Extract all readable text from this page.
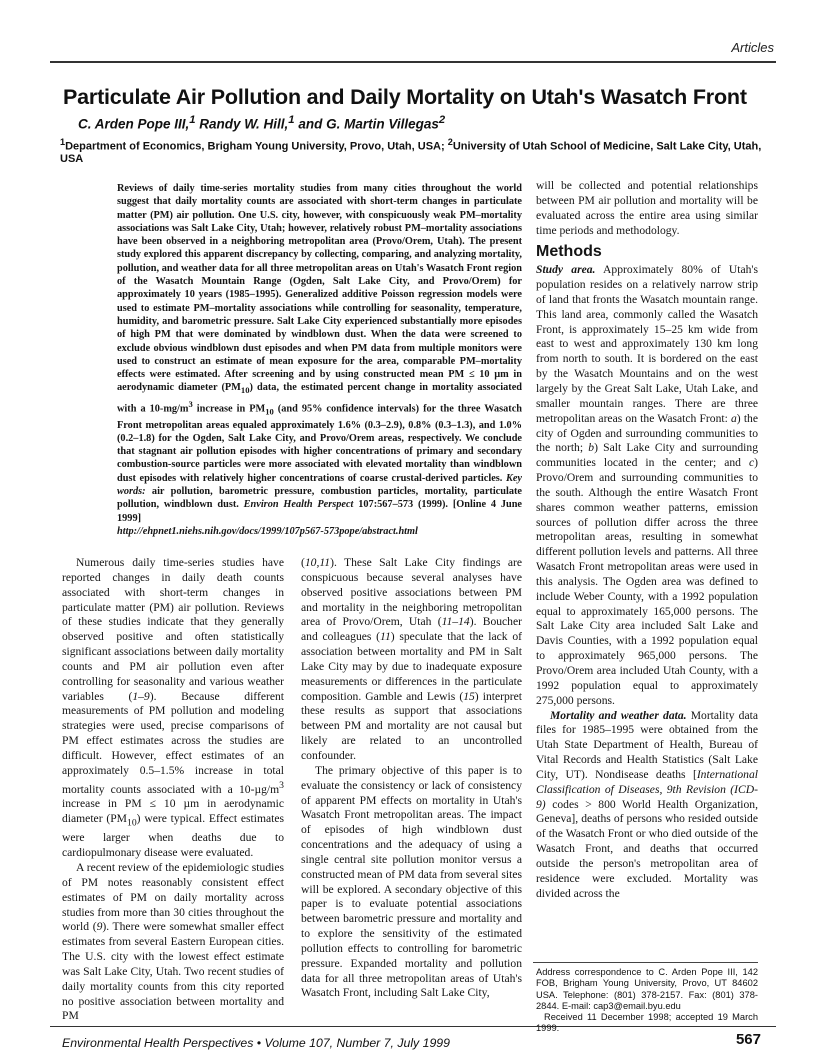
Articles
Particulate Air Pollution and Daily Mortality on Utah's Wasatch Front
C. Arden Pope III,$^1$ Randy W. Hill,$^1$ and G. Martin Villegas$^2$
$^1$Department of Economics, Brigham Young University, Provo, Utah, USA; $^2$University of Utah School of Medicine, Salt Lake City, Utah, USA
Reviews of daily time-series mortality studies from many cities throughout the world suggest that daily mortality counts are associated with short-term changes in particulate matter (PM) air pollution. One U.S. city, however, with conspicuously weak PM–mortality associations was Salt Lake City, Utah; however, relatively robust PM–mortality associations have been observed in a neighboring metropolitan area (Provo/Orem, Utah). The present study explored this apparent discrepancy by collecting, comparing, and analyzing mortality, pollution, and weather data for all three metropolitan areas on Utah's Wasatch Front region of the Wasatch Mountain Range (Ogden, Salt Lake City, and Provo/Orem) for approximately 10 years (1985–1995). Generalized additive Poisson regression models were used to estimate PM–mortality associations while controlling for seasonality, temperature, humidity, and barometric pressure. Salt Lake City experienced substantially more episodes of high PM that were dominated by windblown dust. When the data were screened to exclude obvious windblown dust episodes and when PM data from multiple monitors were used to construct an estimate of mean exposure for the area, comparable PM–mortality effects were estimated. After screening and by using constructed mean PM ≤ 10 µm in aerodynamic diameter $(PM_{10})$ data, the estimated percent change in mortality associated with a $10-mg/m^3$ increase in $PM_{10}$ (and 95% confidence intervals) for the three Wasatch Front metropolitan areas equaled approximately 1.6% (0.3–2.9), 0.8% (0.3–1.3), and 1.0% (0.2–1.8) for the Ogden, Salt Lake City, and Provo/Orem areas, respectively. We conclude that stagnant air pollution episodes with higher concentrations of primary and secondary combustion-source particles were more associated with elevated mortality than windblown dust episodes with relatively higher concentrations of coarse crustal-derived particles. Key words: air pollution, barometric pressure, combustion particles, mortality, particulate pollution, windblown dust. Environ Health Perspect 107:567–573 (1999). [Online 4 June 1999]
http://ehpnet1.niehs.nih.gov/docs/1999/107p567-573pope/abstract.html

Numerous daily time-series studies have reported changes in daily death counts associated with short-term changes in particulate matter (PM) air pollution. Reviews of these studies indicate that they generally observed positive and often statistically significant associations between daily mortality counts and PM air pollution even after controlling for seasonality and various weather variables (1–9). Because different measurements of PM pollution and modeling strategies were used, precise comparisons of PM effect estimates across the studies are difficult. However, effect estimates of an approximately 0.5–1.5% increase in total mortality counts associated with a $10-\mu g/m^3$ increase in PM ≤ 10 µm in aerodynamic diameter $(PM_{10})$ were typical. Effect estimates were larger when deaths due to cardiopulmonary disease were evaluated.

A recent review of the epidemiologic studies of PM notes reasonably consistent effect estimates of PM on daily mortality across studies from more than 30 cities throughout the world (9). There were somewhat smaller effect estimates from several Eastern European cities. The U.S. city with the lowest effect estimate was Salt Lake City, Utah. Two recent studies of daily mortality counts from this city reported no positive association between mortality and PM

(10,11). These Salt Lake City findings are conspicuous because several analyses have observed positive associations between PM and mortality in the neighboring metropolitan area of Provo/Orem, Utah (11–14). Boucher and colleagues (11) speculate that the lack of association between mortality and PM in Salt Lake City may by due to inadequate exposure measurements or differences in the particulate composition. Gamble and Lewis (15) interpret these results as support that associations between PM and mortality are not causal but likely are related to an uncontrolled confounder.

The primary objective of this paper is to evaluate the consistency or lack of consistency of apparent PM effects on mortality in Utah's Wasatch Front metropolitan areas. The impact of episodes of high windblown dust concentrations and the adequacy of using a single central site pollution monitor versus a constructed mean of PM data from several sites will be explored. A secondary objective of this paper is to evaluate potential associations between barometric pressure and mortality and to explore the sensitivity of the estimated pollution effects to controlling for barometric pressure. Expanded mortality and pollution data for all three metropolitan areas of Utah's Wasatch Front, including Salt Lake City,

will be collected and potential relationships between PM air pollution and mortality will be evaluated across the entire area using similar time periods and methodology.

Methods

Study area. Approximately 80% of Utah's population resides on a relatively narrow strip of land that fronts the Wasatch mountain range. This land area, commonly called the Wasatch Front, is approximately 15–25 km wide from east to west and approximately 130 km long from north to south. It is bordered on the east by the Wasatch Mountains and on the west largely by the Great Salt Lake, Utah Lake, and smaller mountain ranges. There are three metropolitan areas on the Wasatch Front: a) the city of Ogden and surrounding communities to the north; b) Salt Lake City and surrounding communities located in the center; and c) Provo/Orem and surrounding communities to the south. Although the entire Wasatch Front shares common weather patterns, emission sources of pollution differ across the three metropolitan areas, resulting in somewhat different pollution levels and patterns. All three Wasatch Front metropolitan areas were used in this analysis. The Ogden area was defined to include Weber County, with a 1992 population equal to approximately 165,000 persons. The Salt Lake City area included Salt Lake and Davis Counties, with a 1992 population equal to approximately 965,000 persons. The Provo/Orem area included Utah County, with a 1992 population equal to approximately 275,000 persons.

Mortality and weather data. Mortality data files for 1985–1995 were obtained from the Utah State Department of Health, Bureau of Vital Records and Health Statistics (Salt Lake City, UT). Nondisease deaths [International Classification of Diseases, 9th Revision (ICD-9) codes > 800 World Health Organization, Geneva], deaths of persons who resided outside of the Wasatch Front or who died outside of the Wasatch Front, and deaths that occurred outside the person's metropolitan area of residence were excluded. Mortality was divided across the

Address correspondence to C. Arden Pope III, 142 FOB, Brigham Young University, Provo, UT 84602 USA. Telephone: (801) 378-2157. Fax: (801) 378-2844. E-mail: cap3@email.byu.edu

Received 11 December 1998; accepted 19 March 1999.

Environmental Health Perspectives • Volume 107, Number 7, July 1999	567
